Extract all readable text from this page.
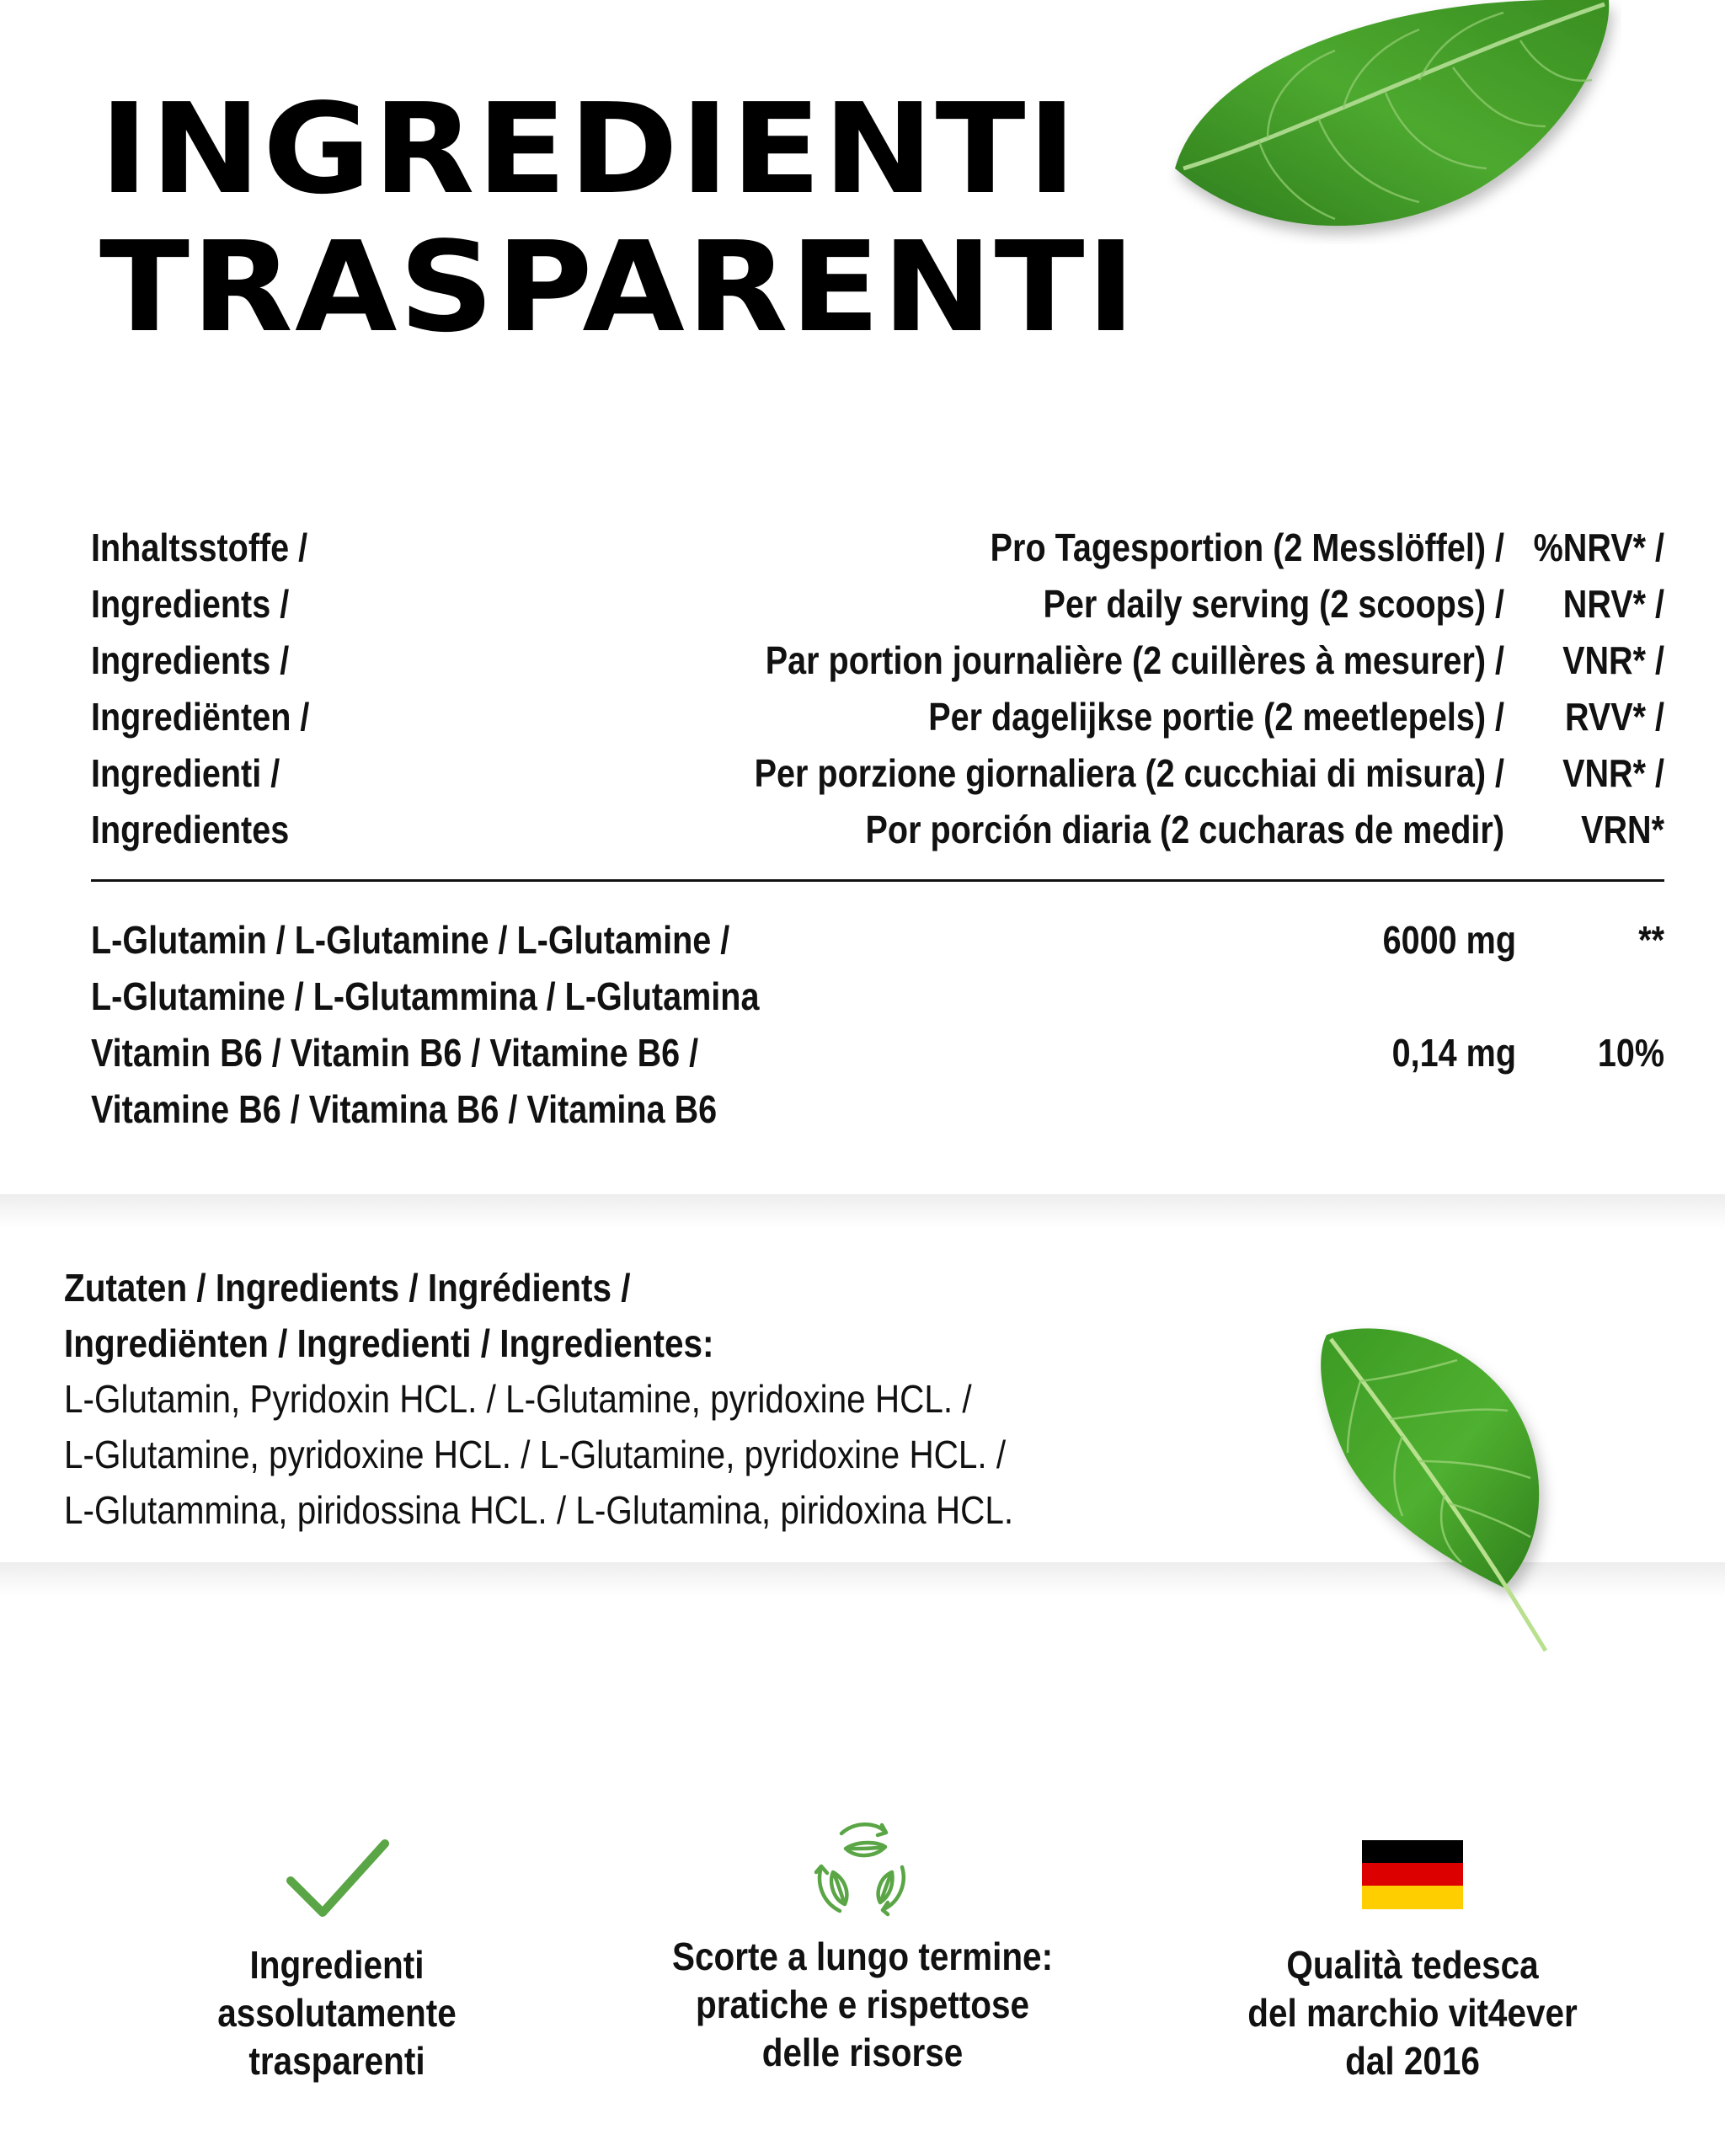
INGREDIENTI
TRASPARENTI
Inhaltsstoffe /
Ingredients /
Ingredients /
Ingrediënten /
Ingredienti /
Ingredientes
Pro Tagesportion (2 Messlöffel) /
Per daily serving (2 scoops) /
Par portion journalière (2 cuillères à mesurer) /
Per dagelijkse portie (2 meetlepels) /
Per porzione giornaliera (2 cucchiai di misura) /
Por porción diaria (2 cucharas de medir)
%NRV* /
NRV* /
VNR* /
RVV* /
VNR* /
VRN*
L-Glutamin / L-Glutamine / L-Glutamine /
L-Glutamine / L-Glutammina / L-Glutamina
6000 mg	**
Vitamin B6 / Vitamin B6 / Vitamine B6 /
Vitamine B6 / Vitamina B6 / Vitamina B6
0,14 mg	10%
Zutaten / Ingredients / Ingrédients /
Ingrediënten / Ingredienti / Ingredientes:
L-Glutamin, Pyridoxin HCL. / L-Glutamine, pyridoxine HCL. /
L-Glutamine, pyridoxine HCL. / L-Glutamine, pyridoxine HCL. /
L-Glutammina, piridossina HCL. / L-Glutamina, piridoxina HCL.
Ingredienti
assolutamente
trasparenti
Scorte a lungo termine:
pratiche e rispettose
delle risorse
Qualità tedesca
del marchio vit4ever
dal 2016
